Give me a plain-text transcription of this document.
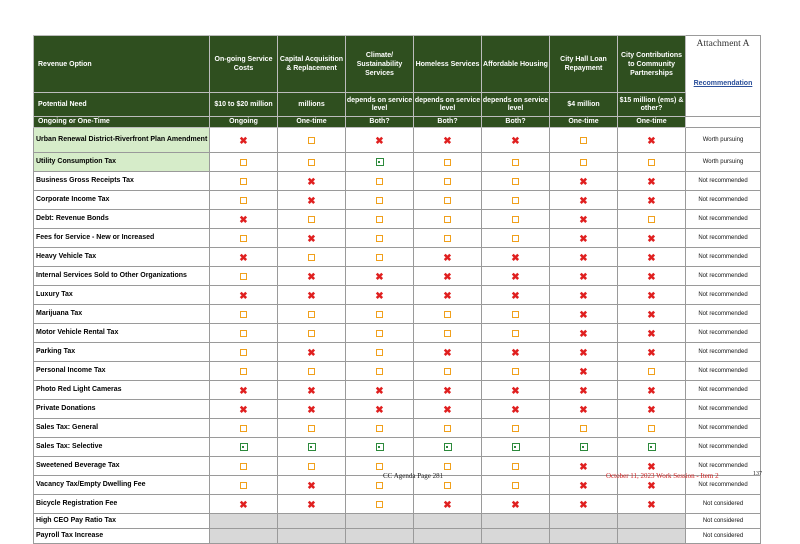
Revenue Option	On-going Service Costs	Capital Acquisition & Replacement	Climate/ Sustainability Services	Homeless Services	Affordable Housing	City Hall Loan Repayment	City Contributions to Community Partnerships	Attachment A
Recommendation

Potential Need	$10 to $20 million	millions	depends on service level	depends on service level	depends on service level	$4 million	$15 million (ems) & other?	
Ongoing or One-Time	Ongoing	One-time	Both?	Both?	Both?	One-time	One-time	
Urban Renewal District-Riverfront Plan Amendment	✖		✖	✖	✖		✖	Worth pursuing
Utility Consumption Tax								Worth pursuing
Business Gross Receipts Tax		✖				✖	✖	Not recommended
Corporate Income Tax		✖				✖	✖	Not recommended
Debt: Revenue Bonds	✖					✖		Not recommended
Fees for Service - New or Increased		✖				✖	✖	Not recommended
Heavy Vehicle Tax	✖			✖	✖	✖	✖	Not recommended
Internal Services Sold to Other Organizations		✖	✖	✖	✖	✖	✖	Not recommended
Luxury Tax	✖	✖	✖	✖	✖	✖	✖	Not recommended
Marijuana Tax						✖	✖	Not recommended
Motor Vehicle Rental Tax						✖	✖	Not recommended
Parking Tax		✖		✖	✖	✖	✖	Not recommended
Personal Income Tax						✖		Not recommended
Photo Red Light Cameras	✖	✖	✖	✖	✖	✖	✖	Not recommended
Private Donations	✖	✖	✖	✖	✖	✖	✖	Not recommended
Sales Tax: General								Not recommended
Sales Tax: Selective								Not recommended
Sweetened Beverage Tax						✖	✖	Not recommended
Vacancy Tax/Empty Dwelling Fee		✖				✖	✖	Not recommended
Bicycle Registration Fee	✖	✖		✖	✖	✖	✖	Not considered
High CEO Pay Ratio Tax								Not considered
Payroll Tax Increase								Not considered
CC Agenda Page 281	October 11, 2023 Work Session - Item 2	137
